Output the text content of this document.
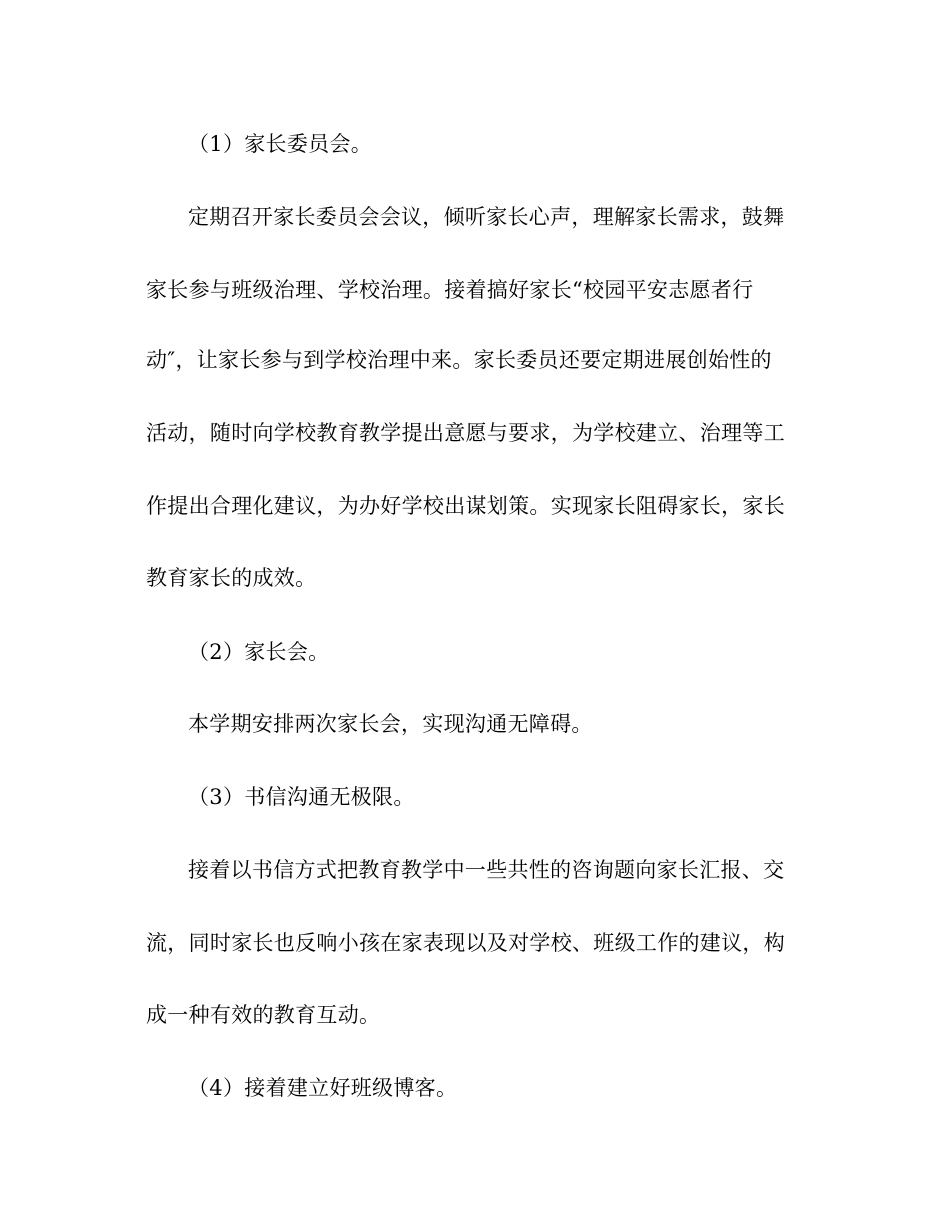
（1）家长委员会。
定期召开家长委员会会议，倾听家长心声，理解家长需求，鼓舞
家长参与班级治理、学校治理。接着搞好家长“校园平安志愿者行
动″，让家长参与到学校治理中来。家长委员还要定期进展创始性的
活动，随时向学校教育教学提出意愿与要求，为学校建立、治理等工
作提出合理化建议，为办好学校出谋划策。实现家长阻碍家长，家长
教育家长的成效。
（2）家长会。
本学期安排两次家长会，实现沟通无障碍。
（3）书信沟通无极限。
接着以书信方式把教育教学中一些共性的咨询题向家长汇报、交
流，同时家长也反响小孩在家表现以及对学校、班级工作的建议，构
成一种有效的教育互动。
（4）接着建立好班级博客。
